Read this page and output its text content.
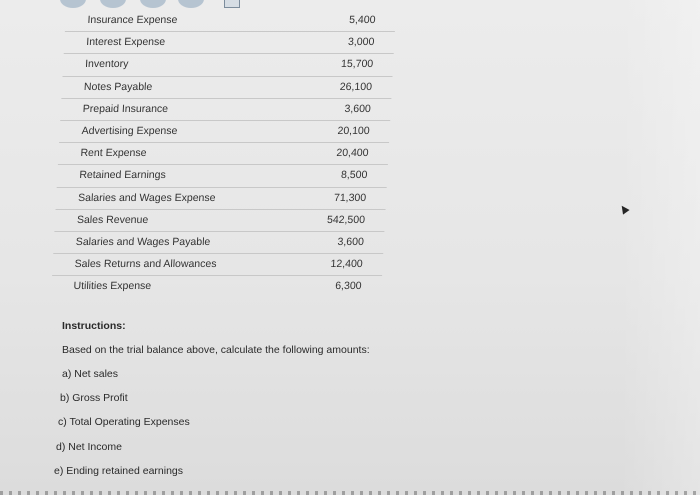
Insurance Expense	5,400
Interest Expense	3,000
Inventory	15,700
Notes Payable	26,100
Prepaid Insurance	3,600
Advertising Expense	20,100
Rent Expense	20,400
Retained Earnings	8,500
Salaries and Wages Expense	71,300
Sales Revenue	542,500
Salaries and Wages Payable	3,600
Sales Returns and Allowances	12,400
Utilities Expense	6,300
Instructions:
Based on the trial balance above, calculate the following amounts:
a) Net sales
b) Gross Profit
c) Total Operating Expenses
d) Net Income
e) Ending retained earnings
